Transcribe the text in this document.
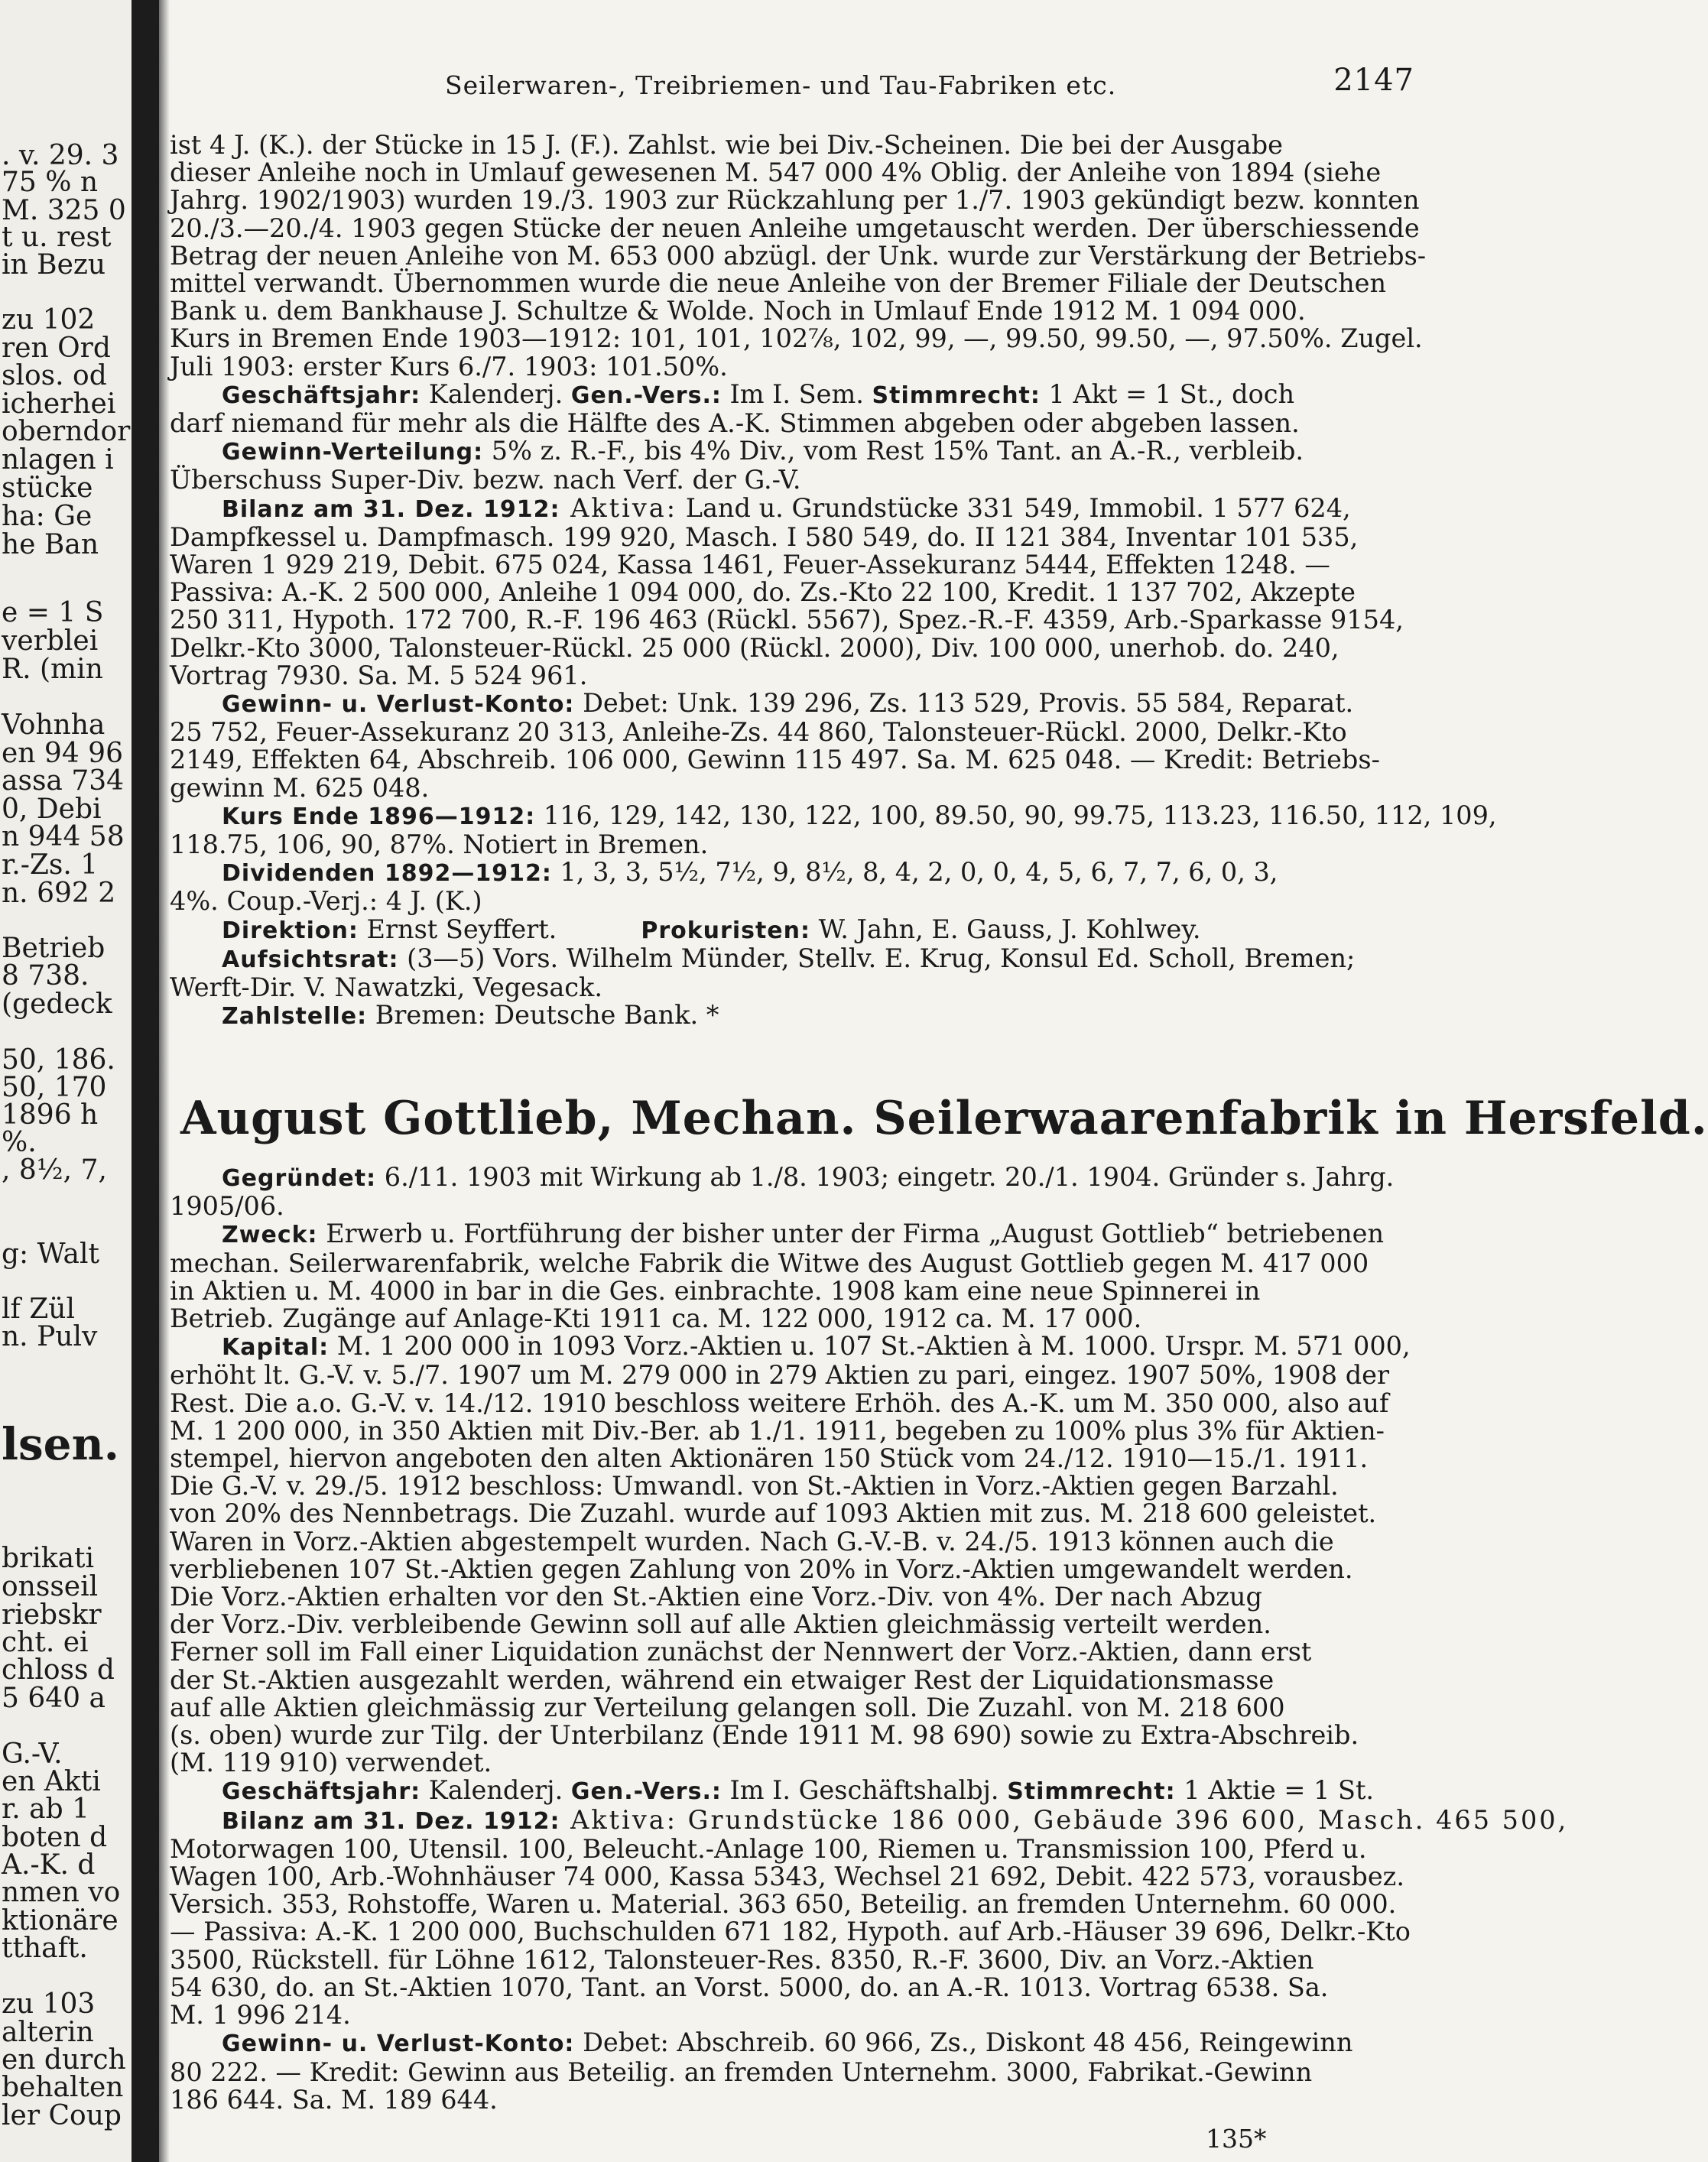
. v. 29. 3
75 % n
M. 325 0
t u. rest
in Bezu
zu 102
ren Ord
slos. od
icherhei
oberndor
nlagen i
stücke
ha: Ge
he Ban
e = 1 S
verblei
R. (min
Vohnha
en 94 96
assa 734
0, Debi
n 944 58
r.-Zs. 1
n. 692 2
Betrieb
8 738.
(gedeck
50, 186.
50, 170
1896 h
%.
, 8½, 7,
g: Walt
lf Zül
n. Pulv
lsen.
brikati
onsseil
riebskr
cht. ei
chloss d
5 640 a
G.-V.
en Akti
r. ab 1
boten d
A.-K. d
nmen vo
ktionäre
tthaft.
zu 103
alterin
en durch
behalten
ler Coup
Seilerwaren-, Treibriemen- und Tau-Fabriken etc.	2147

ist 4 J. (K.). der Stücke in 15 J. (F.). Zahlst. wie bei Div.-Scheinen. Die bei der Ausgabe

dieser Anleihe noch in Umlauf gewesenen M. 547 000 4% Oblig. der Anleihe von 1894 (siehe

Jahrg. 1902/1903) wurden 19./3. 1903 zur Rückzahlung per 1./7. 1903 gekündigt bezw. konnten

20./3.—20./4. 1903 gegen Stücke der neuen Anleihe umgetauscht werden. Der überschiessende

Betrag der neuen Anleihe von M. 653 000 abzügl. der Unk. wurde zur Verstärkung der Betriebs-

mittel verwandt. Übernommen wurde die neue Anleihe von der Bremer Filiale der Deutschen

Bank u. dem Bankhause J. Schultze & Wolde. Noch in Umlauf Ende 1912 M. 1 094 000.

Kurs in Bremen Ende 1903—1912: 101, 101, 102⅞, 102, 99, —, 99.50, 99.50, —, 97.50%. Zugel.

Juli 1903: erster Kurs 6./7. 1903: 101.50%.

Geschäftsjahr: Kalenderj. Gen.-Vers.: Im I. Sem. Stimmrecht: 1 Akt = 1 St., doch

darf niemand für mehr als die Hälfte des A.-K. Stimmen abgeben oder abgeben lassen.

Gewinn-Verteilung: 5% z. R.-F., bis 4% Div., vom Rest 15% Tant. an A.-R., verbleib.

Überschuss Super-Div. bezw. nach Verf. der G.-V.

Bilanz am 31. Dez. 1912: Aktiva: Land u. Grundstücke 331 549, Immobil. 1 577 624,

Dampfkessel u. Dampfmasch. 199 920, Masch. I 580 549, do. II 121 384, Inventar 101 535,

Waren 1 929 219, Debit. 675 024, Kassa 1461, Feuer-Assekuranz 5444, Effekten 1248. —

Passiva: A.-K. 2 500 000, Anleihe 1 094 000, do. Zs.-Kto 22 100, Kredit. 1 137 702, Akzepte

250 311, Hypoth. 172 700, R.-F. 196 463 (Rückl. 5567), Spez.-R.-F. 4359, Arb.-Sparkasse 9154,

Delkr.-Kto 3000, Talonsteuer-Rückl. 25 000 (Rückl. 2000), Div. 100 000, unerhob. do. 240,

Vortrag 7930. Sa. M. 5 524 961.

Gewinn- u. Verlust-Konto: Debet: Unk. 139 296, Zs. 113 529, Provis. 55 584, Reparat.

25 752, Feuer-Assekuranz 20 313, Anleihe-Zs. 44 860, Talonsteuer-Rückl. 2000, Delkr.-Kto

2149, Effekten 64, Abschreib. 106 000, Gewinn 115 497. Sa. M. 625 048. — Kredit: Betriebs-

gewinn M. 625 048.

Kurs Ende 1896—1912: 116, 129, 142, 130, 122, 100, 89.50, 90, 99.75, 113.23, 116.50, 112, 109,

118.75, 106, 90, 87%. Notiert in Bremen.

Dividenden 1892—1912: 1, 3, 3, 5½, 7½, 9, 8½, 8, 4, 2, 0, 0, 4, 5, 6, 7, 7, 6, 0, 3,

4%. Coup.-Verj.: 4 J. (K.)

Direktion: Ernst Seyffert.	Prokuristen: W. Jahn, E. Gauss, J. Kohlwey.

Aufsichtsrat: (3—5) Vors. Wilhelm Münder, Stellv. E. Krug, Konsul Ed. Scholl, Bremen;

Werft-Dir. V. Nawatzki, Vegesack.

Zahlstelle: Bremen: Deutsche Bank. *

August Gottlieb, Mechan. Seilerwaarenfabrik in Hersfeld.

Gegründet: 6./11. 1903 mit Wirkung ab 1./8. 1903; eingetr. 20./1. 1904. Gründer s. Jahrg.

1905/06.

Zweck: Erwerb u. Fortführung der bisher unter der Firma „August Gottlieb“ betriebenen

mechan. Seilerwarenfabrik, welche Fabrik die Witwe des August Gottlieb gegen M. 417 000

in Aktien u. M. 4000 in bar in die Ges. einbrachte. 1908 kam eine neue Spinnerei in

Betrieb. Zugänge auf Anlage-Kti 1911 ca. M. 122 000, 1912 ca. M. 17 000.

Kapital: M. 1 200 000 in 1093 Vorz.-Aktien u. 107 St.-Aktien à M. 1000. Urspr. M. 571 000,

erhöht lt. G.-V. v. 5./7. 1907 um M. 279 000 in 279 Aktien zu pari, eingez. 1907 50%, 1908 der

Rest. Die a.o. G.-V. v. 14./12. 1910 beschloss weitere Erhöh. des A.-K. um M. 350 000, also auf

M. 1 200 000, in 350 Aktien mit Div.-Ber. ab 1./1. 1911, begeben zu 100% plus 3% für Aktien-

stempel, hiervon angeboten den alten Aktionären 150 Stück vom 24./12. 1910—15./1. 1911.

Die G.-V. v. 29./5. 1912 beschloss: Umwandl. von St.-Aktien in Vorz.-Aktien gegen Barzahl.

von 20% des Nennbetrags. Die Zuzahl. wurde auf 1093 Aktien mit zus. M. 218 600 geleistet.

Waren in Vorz.-Aktien abgestempelt wurden. Nach G.-V.-B. v. 24./5. 1913 können auch die

verbliebenen 107 St.-Aktien gegen Zahlung von 20% in Vorz.-Aktien umgewandelt werden.

Die Vorz.-Aktien erhalten vor den St.-Aktien eine Vorz.-Div. von 4%. Der nach Abzug

der Vorz.-Div. verbleibende Gewinn soll auf alle Aktien gleichmässig verteilt werden.

Ferner soll im Fall einer Liquidation zunächst der Nennwert der Vorz.-Aktien, dann erst

der St.-Aktien ausgezahlt werden, während ein etwaiger Rest der Liquidationsmasse

auf alle Aktien gleichmässig zur Verteilung gelangen soll. Die Zuzahl. von M. 218 600

(s. oben) wurde zur Tilg. der Unterbilanz (Ende 1911 M. 98 690) sowie zu Extra-Abschreib.

(M. 119 910) verwendet.

Geschäftsjahr: Kalenderj. Gen.-Vers.: Im I. Geschäftshalbj. Stimmrecht: 1 Aktie = 1 St.

Bilanz am 31. Dez. 1912: Aktiva: Grundstücke 186 000, Gebäude 396 600, Masch. 465 500,

Motorwagen 100, Utensil. 100, Beleucht.-Anlage 100, Riemen u. Transmission 100, Pferd u.

Wagen 100, Arb.-Wohnhäuser 74 000, Kassa 5343, Wechsel 21 692, Debit. 422 573, vorausbez.

Versich. 353, Rohstoffe, Waren u. Material. 363 650, Beteilig. an fremden Unternehm. 60 000.

— Passiva: A.-K. 1 200 000, Buchschulden 671 182, Hypoth. auf Arb.-Häuser 39 696, Delkr.-Kto

3500, Rückstell. für Löhne 1612, Talonsteuer-Res. 8350, R.-F. 3600, Div. an Vorz.-Aktien

54 630, do. an St.-Aktien 1070, Tant. an Vorst. 5000, do. an A.-R. 1013. Vortrag 6538. Sa.

M. 1 996 214.

Gewinn- u. Verlust-Konto: Debet: Abschreib. 60 966, Zs., Diskont 48 456, Reingewinn

80 222. — Kredit: Gewinn aus Beteilig. an fremden Unternehm. 3000, Fabrikat.-Gewinn

186 644. Sa. M. 189 644.

135*
